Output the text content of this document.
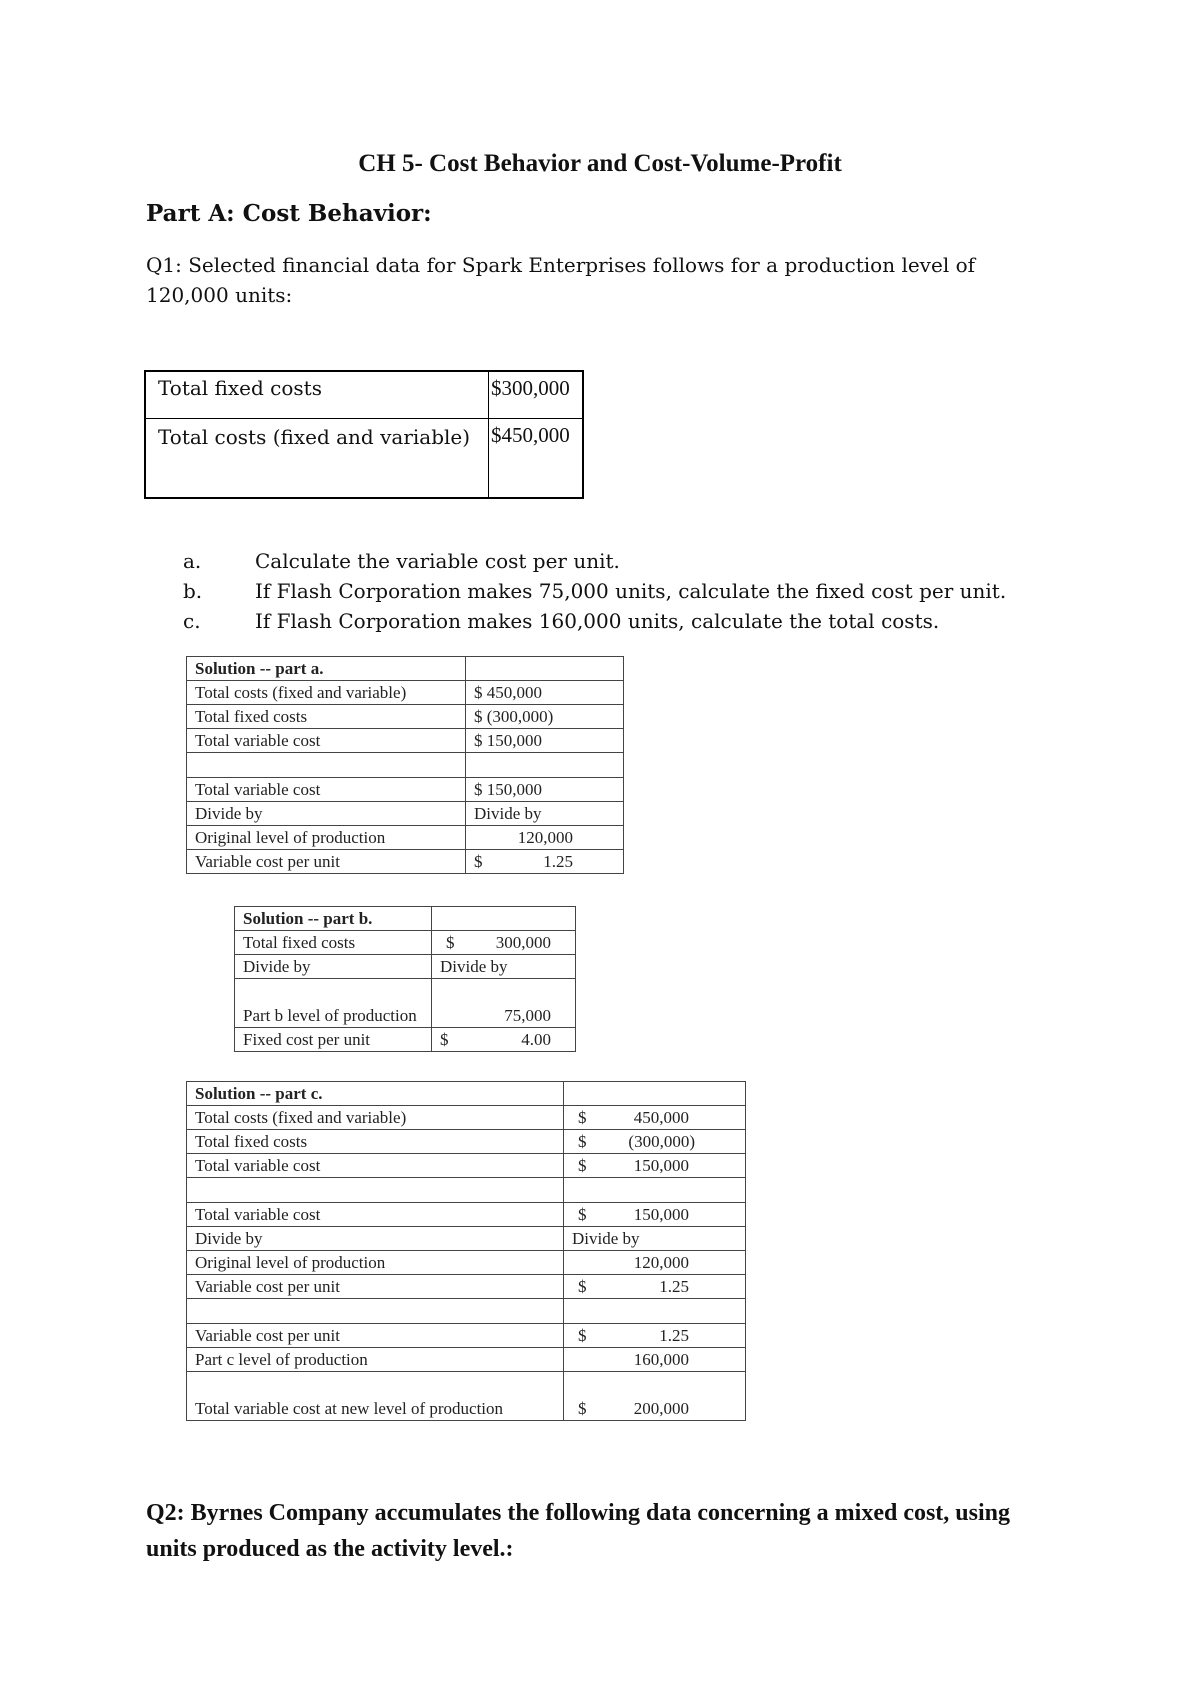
CH 5- Cost Behavior and Cost-Volume-Profit
Part A: Cost Behavior:
Q1: Selected financial data for Spark Enterprises follows for a production level of 120,000 units:
Total fixed costs	$300,000
Total costs (fixed and variable)	$450,000
a.	Calculate the variable cost per unit.
b.	If Flash Corporation makes 75,000 units, calculate the fixed cost per unit.
c.	If Flash Corporation makes 160,000 units, calculate the total costs.
Solution -- part a.	
Total costs (fixed and variable)	$ 450,000
Total fixed costs	$ (300,000)
Total variable cost	$ 150,000

Total variable cost	$ 150,000
Divide by	Divide by
Original level of production	120,000
Variable cost per unit	$ 1.25
Solution -- part b.	
Total fixed costs	$ 300,000
Divide by	Divide by
Part b level of production	75,000
Fixed cost per unit	$ 4.00
Solution -- part c.	
Total costs (fixed and variable)	$ 450,000
Total fixed costs	$ (300,000)
Total variable cost	$ 150,000

Total variable cost	$ 150,000
Divide by	Divide by
Original level of production	120,000
Variable cost per unit	$ 1.25

Variable cost per unit	$ 1.25
Part c level of production	160,000
Total variable cost at new level of production	$ 200,000
Q2: Byrnes Company accumulates the following data concerning a mixed cost, using units produced as the activity level.:
